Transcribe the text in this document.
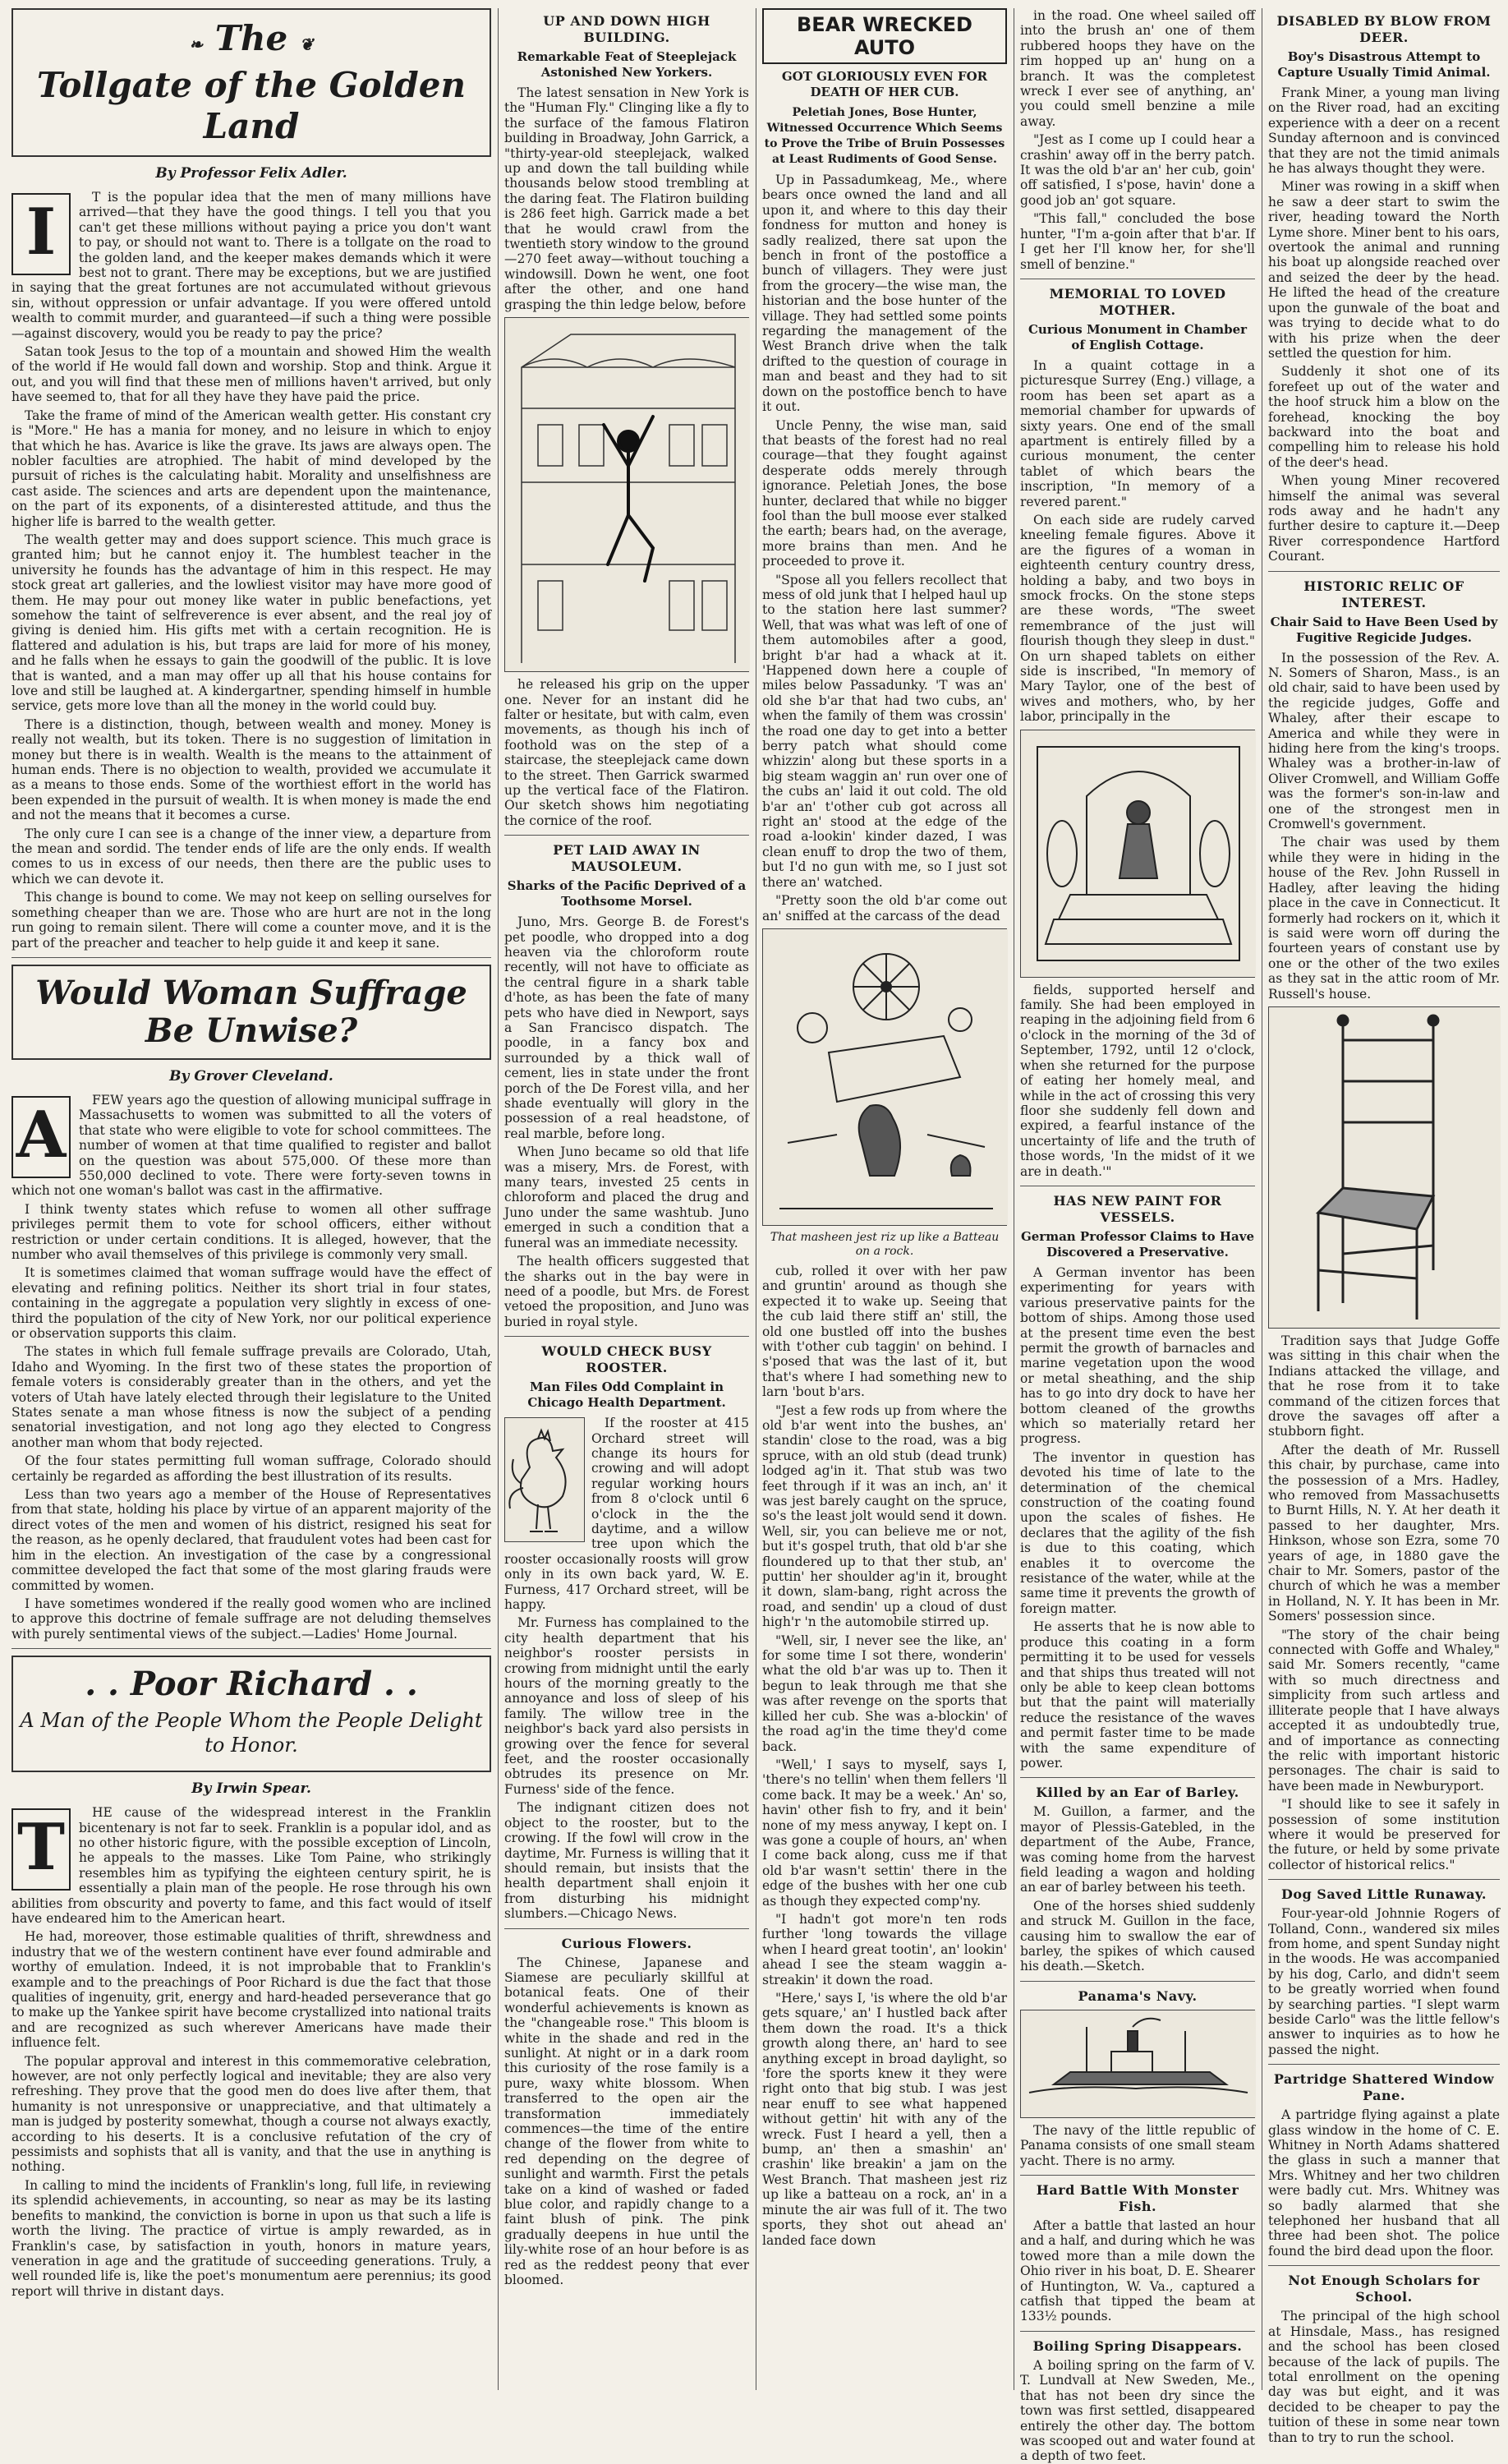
❧ The ❦
Tollgate of the Golden Land
By Professor Felix Adler.
I	T is the popular idea that the men of many millions have arrived—that they have the good things. I tell you that you can't get these millions without paying a price you don't want to pay, or should not want to. There is a tollgate on the road to the golden land, and the keeper makes demands which it were best not to grant. There may be exceptions, but we are justified in saying that the great fortunes are not accumulated without grievous sin, without oppression or unfair advantage. If you were offered untold wealth to commit murder, and guaranteed—if such a thing were possible—against discovery, would you be ready to pay the price?

Satan took Jesus to the top of a mountain and showed Him the wealth of the world if He would fall down and worship. Stop and think. Argue it out, and you will find that these men of millions haven't arrived, but only have seemed to, that for all they have they have paid the price.

Take the frame of mind of the American wealth getter. His constant cry is "More." He has a mania for money, and no leisure in which to enjoy that which he has. Avarice is like the grave. Its jaws are always open. The nobler faculties are atrophied. The habit of mind developed by the pursuit of riches is the calculating habit. Morality and unselfishness are cast aside. The sciences and arts are dependent upon the maintenance, on the part of its exponents, of a disinterested attitude, and thus the higher life is barred to the wealth getter.

The wealth getter may and does support science. This much grace is granted him; but he cannot enjoy it. The humblest teacher in the university he founds has the advantage of him in this respect. He may stock great art galleries, and the lowliest visitor may have more good of them. He may pour out money like water in public benefactions, yet somehow the taint of selfreverence is ever absent, and the real joy of giving is denied him. His gifts met with a certain recognition. He is flattered and adulation is his, but traps are laid for more of his money, and he falls when he essays to gain the goodwill of the public. It is love that is wanted, and a man may offer up all that his house contains for love and still be laughed at. A kindergartner, spending himself in humble service, gets more love than all the money in the world could buy.

There is a distinction, though, between wealth and money. Money is really not wealth, but its token. There is no suggestion of limitation in money but there is in wealth. Wealth is the means to the attainment of human ends. There is no objection to wealth, provided we accumulate it as a means to those ends. Some of the worthiest effort in the world has been expended in the pursuit of wealth. It is when money is made the end and not the means that it becomes a curse.

The only cure I can see is a change of the inner view, a departure from the mean and sordid. The tender ends of life are the only ends. If wealth comes to us in excess of our needs, then there are the public uses to which we can devote it.

This change is bound to come. We may not keep on selling ourselves for something cheaper than we are. Those who are hurt are not in the long run going to remain silent. There will come a counter move, and it is the part of the preacher and teacher to help guide it and keep it sane.

Would Woman Suffrage Be Unwise?
By Grover Cleveland.
A	FEW years ago the question of allowing municipal suffrage in Massachusetts to women was submitted to all the voters of that state who were eligible to vote for school committees. The number of women at that time qualified to register and ballot on the question was about 575,000. Of these more than 550,000 declined to vote. There were forty-seven towns in which not one woman's ballot was cast in the affirmative.

I think twenty states which refuse to women all other suffrage privileges permit them to vote for school officers, either without restriction or under certain conditions. It is alleged, however, that the number who avail themselves of this privilege is commonly very small.

It is sometimes claimed that woman suffrage would have the effect of elevating and refining politics. Neither its short trial in four states, containing in the aggregate a population very slightly in excess of one-third the population of the city of New York, nor our political experience or observation supports this claim.

The states in which full female suffrage prevails are Colorado, Utah, Idaho and Wyoming. In the first two of these states the proportion of female voters is considerably greater than in the others, and yet the voters of Utah have lately elected through their legislature to the United States senate a man whose fitness is now the subject of a pending senatorial investigation, and not long ago they elected to Congress another man whom that body rejected.

Of the four states permitting full woman suffrage, Colorado should certainly be regarded as affording the best illustration of its results.

Less than two years ago a member of the House of Representatives from that state, holding his place by virtue of an apparent majority of the direct votes of the men and women of his district, resigned his seat for the reason, as he openly declared, that fraudulent votes had been cast for him in the election. An investigation of the case by a congressional committee developed the fact that some of the most glaring frauds were committed by women.

I have sometimes wondered if the really good women who are inclined to approve this doctrine of female suffrage are not deluding themselves with purely sentimental views of the subject.—Ladies' Home Journal.

. . Poor Richard . .
A Man of the People Whom the People Delight to Honor.
By Irwin Spear.
T	HE cause of the widespread interest in the Franklin bicentenary is not far to seek. Franklin is a popular idol, and as no other historic figure, with the possible exception of Lincoln, he appeals to the masses. Like Tom Paine, who strikingly resembles him as typifying the eighteen century spirit, he is essentially a plain man of the people. He rose through his own abilities from obscurity and poverty to fame, and this fact would of itself have endeared him to the American heart.

He had, moreover, those estimable qualities of thrift, shrewdness and industry that we of the western continent have ever found admirable and worthy of emulation. Indeed, it is not improbable that to Franklin's example and to the preachings of Poor Richard is due the fact that those qualities of ingenuity, grit, energy and hard-headed perseverance that go to make up the Yankee spirit have become crystallized into national traits and are recognized as such wherever Americans have made their influence felt.

The popular approval and interest in this commemorative celebration, however, are not only perfectly logical and inevitable; they are also very refreshing. They prove that the good men do does live after them, that humanity is not unresponsive or unappreciative, and that ultimately a man is judged by posterity somewhat, though a course not always exactly, according to his deserts. It is a conclusive refutation of the cry of pessimists and sophists that all is vanity, and that the use in anything is nothing.

In calling to mind the incidents of Franklin's long, full life, in reviewing its splendid achievements, in accounting, so near as may be its lasting benefits to mankind, the conviction is borne in upon us that such a life is worth the living. The practice of virtue is amply rewarded, as in Franklin's case, by satisfaction in youth, honors in mature years, veneration in age and the gratitude of succeeding generations. Truly, a well rounded life is, like the poet's monumentum aere perennius; its good report will thrive in distant days.

UP AND DOWN HIGH BUILDING.
Remarkable Feat of Steeplejack Astonished New Yorkers.

The latest sensation in New York is the "Human Fly." Clinging like a fly to the surface of the famous Flatiron building in Broadway, John Garrick, a "thirty-year-old steeplejack, walked up and down the tall building while thousands below stood trembling at the daring feat. The Flatiron building is 286 feet high. Garrick made a bet that he would crawl from the twentieth story window to the ground—270 feet away—without touching a windowsill. Down he went, one foot after the other, and one hand grasping the thin ledge below, before

he released his grip on the upper one. Never for an instant did he falter or hesitate, but with calm, even movements, as though his inch of foothold was on the step of a staircase, the steeplejack came down to the street. Then Garrick swarmed up the vertical face of the Flatiron. Our sketch shows him negotiating the cornice of the roof.

PET LAID AWAY IN MAUSOLEUM.
Sharks of the Pacific Deprived of a Toothsome Morsel.

Juno, Mrs. George B. de Forest's pet poodle, who dropped into a dog heaven via the chloroform route recently, will not have to officiate as the central figure in a shark table d'hote, as has been the fate of many pets who have died in Newport, says a San Francisco dispatch. The poodle, in a fancy box and surrounded by a thick wall of cement, lies in state under the front porch of the De Forest villa, and her shade eventually will glory in the possession of a real headstone, of real marble, before long.

When Juno became so old that life was a misery, Mrs. de Forest, with many tears, invested 25 cents in chloroform and placed the drug and Juno under the same washtub. Juno emerged in such a condition that a funeral was an immediate necessity.

The health officers suggested that the sharks out in the bay were in need of a poodle, but Mrs. de Forest vetoed the proposition, and Juno was buried in royal style.

WOULD CHECK BUSY ROOSTER.
Man Files Odd Complaint in Chicago Health Department.

If the rooster at 415 Orchard street will change its hours for crowing and will adopt regular working hours from 8 o'clock until 6 o'clock in the the daytime, and a willow tree upon which the rooster occasionally roosts will grow only in its own back yard, W. E. Furness, 417 Orchard street, will be happy.

Mr. Furness has complained to the city health department that his neighbor's rooster persists in crowing from midnight until the early hours of the morning greatly to the annoyance and loss of sleep of his family. The willow tree in the neighbor's back yard also persists in growing over the fence for several feet, and the rooster occasionally obtrudes its presence on Mr. Furness' side of the fence.

The indignant citizen does not object to the rooster, but to the crowing. If the fowl will crow in the daytime, Mr. Furness is willing that it should remain, but insists that the health department shall enjoin it from disturbing his midnight slumbers.—Chicago News.

Curious Flowers.

The Chinese, Japanese and Siamese are peculiarly skillful at botanical feats. One of their wonderful achievements is known as the "changeable rose." This bloom is white in the shade and red in the sunlight. At night or in a dark room this curiosity of the rose family is a pure, waxy white blossom. When transferred to the open air the transformation immediately commences—the time of the entire change of the flower from white to red depending on the degree of sunlight and warmth. First the petals take on a kind of washed or faded blue color, and rapidly change to a faint blush of pink. The pink gradually deepens in hue until the lily-white rose of an hour before is as red as the reddest peony that ever bloomed.

BEAR WRECKED AUTO
GOT GLORIOUSLY EVEN FOR DEATH OF HER CUB.
Peletiah Jones, Bose Hunter, Witnessed Occurrence Which Seems to Prove the Tribe of Bruin Possesses at Least Rudiments of Good Sense.

Up in Passadumkeag, Me., where bears once owned the land and all upon it, and where to this day their fondness for mutton and honey is sadly realized, there sat upon the bench in front of the postoffice a bunch of villagers. They were just from the grocery—the wise man, the historian and the bose hunter of the village. They had settled some points regarding the management of the West Branch drive when the talk drifted to the question of courage in man and beast and they had to sit down on the postoffice bench to have it out.

Uncle Penny, the wise man, said that beasts of the forest had no real courage—that they fought against desperate odds merely through ignorance. Peletiah Jones, the bose hunter, declared that while no bigger fool than the bull moose ever stalked the earth; bears had, on the average, more brains than men. And he proceeded to prove it.

"Spose all you fellers recollect that mess of old junk that I helped haul up to the station here last summer? Well, that was what was left of one of them automobiles after a good, bright b'ar had a whack at it. 'Happened down here a couple of miles below Passadunky. 'T was an' old she b'ar that had two cubs, an' when the family of them was crossin' the road one day to get into a better berry patch what should come whizzin' along but these sports in a big steam waggin an' run over one of the cubs an' laid it out cold. The old b'ar an' t'other cub got across all right an' stood at the edge of the road a-lookin' kinder dazed, I was clean enuff to drop the two of them, but I'd no gun with me, so I just sot there an' watched.

"Pretty soon the old b'ar come out an' sniffed at the carcass of the dead

That masheen jest riz up like a Batteau on a rock.

cub, rolled it over with her paw and gruntin' around as though she expected it to wake up. Seeing that the cub laid there stiff an' still, the old one bustled off into the bushes with t'other cub taggin' on behind. I s'posed that was the last of it, but that's where I had something new to larn 'bout b'ars.

"Jest a few rods up from where the old b'ar went into the bushes, an' standin' close to the road, was a big spruce, with an old stub (dead trunk) lodged ag'in it. That stub was two feet through if it was an inch, an' it was jest barely caught on the spruce, so's the least jolt would send it down. Well, sir, you can believe me or not, but it's gospel truth, that old b'ar she floundered up to that ther stub, an' puttin' her shoulder ag'in it, brought it down, slam-bang, right across the road, and sendin' up a cloud of dust high'r 'n the automobile stirred up.

"Well, sir, I never see the like, an' for some time I sot there, wonderin' what the old b'ar was up to. Then it begun to leak through me that she was after revenge on the sports that killed her cub. She was a-blockin' of the road ag'in the time they'd come back.

"Well,' I says to myself, says I, 'there's no tellin' when them fellers 'll come back. It may be a week.' An' so, havin' other fish to fry, and it bein' none of my mess anyway, I kept on. I was gone a couple of hours, an' when I come back along, cuss me if that old b'ar wasn't settin' there in the edge of the bushes with her one cub as though they expected comp'ny.

"I hadn't got more'n ten rods further 'long towards the village when I heard great tootin', an' lookin' ahead I see the steam waggin a-streakin' it down the road.

"Here,' says I, 'is where the old b'ar gets square,' an' I hustled back after them down the road. It's a thick growth along there, an' hard to see anything except in broad daylight, so 'fore the sports knew it they were right onto that big stub. I was jest near enuff to see what happened without gettin' hit with any of the wreck. Fust I heard a yell, then a bump, an' then a smashin' an' crashin' like breakin' a jam on the West Branch. That masheen jest riz up like a batteau on a rock, an' in a minute the air was full of it. The two sports, they shot out ahead an' landed face down

in the road. One wheel sailed off into the brush an' one of them rubbered hoops they have on the rim hopped up an' hung on a branch. It was the completest wreck I ever see of anything, an' you could smell benzine a mile away.

"Jest as I come up I could hear a crashin' away off in the berry patch. It was the old b'ar an' her cub, goin' off satisfied, I s'pose, havin' done a good job an' got square.

"This fall," concluded the bose hunter, "I'm a-goin after that b'ar. If I get her I'll know her, for she'll smell of benzine."

MEMORIAL TO LOVED MOTHER.
Curious Monument in Chamber of English Cottage.

In a quaint cottage in a picturesque Surrey (Eng.) village, a room has been set apart as a memorial chamber for upwards of sixty years. One end of the small apartment is entirely filled by a curious monument, the center tablet of which bears the inscription, "In memory of a revered parent."

On each side are rudely carved kneeling female figures. Above it are the figures of a woman in eighteenth century country dress, holding a baby, and two boys in smock frocks. On the stone steps are these words, "The sweet remembrance of the just will flourish though they sleep in dust." On urn shaped tablets on either side is inscribed, "In memory of Mary Taylor, one of the best of wives and mothers, who, by her labor, principally in the

fields, supported herself and family. She had been employed in reaping in the adjoining field from 6 o'clock in the morning of the 3d of September, 1792, until 12 o'clock, when she returned for the purpose of eating her homely meal, and while in the act of crossing this very floor she suddenly fell down and expired, a fearful instance of the uncertainty of life and the truth of those words, 'In the midst of it we are in death.'"

HAS NEW PAINT FOR VESSELS.
German Professor Claims to Have Discovered a Preservative.

A German inventor has been experimenting for years with various preservative paints for the bottom of ships. Among those used at the present time even the best permit the growth of barnacles and marine vegetation upon the wood or metal sheathing, and the ship has to go into dry dock to have her bottom cleaned of the growths which so materially retard her progress.

The inventor in question has devoted his time of late to the determination of the chemical construction of the coating found upon the scales of fishes. He declares that the agility of the fish is due to this coating, which enables it to overcome the resistance of the water, while at the same time it prevents the growth of foreign matter.

He asserts that he is now able to produce this coating in a form permitting it to be used for vessels and that ships thus treated will not only be able to keep clean bottoms but that the paint will materially reduce the resistance of the waves and permit faster time to be made with the same expenditure of power.

Killed by an Ear of Barley.

M. Guillon, a farmer, and the mayor of Plessis-Gatebled, in the department of the Aube, France, was coming home from the harvest field leading a wagon and holding an ear of barley between his teeth.

One of the horses shied suddenly and struck M. Guillon in the face, causing him to swallow the ear of barley, the spikes of which caused his death.—Sketch.

Panama's Navy.

The navy of the little republic of Panama consists of one small steam yacht. There is no army.

Hard Battle With Monster Fish.

After a battle that lasted an hour and a half, and during which he was towed more than a mile down the Ohio river in his boat, D. E. Shearer of Huntington, W. Va., captured a catfish that tipped the beam at 133½ pounds.

Boiling Spring Disappears.

A boiling spring on the farm of V. T. Lundvall at New Sweden, Me., that has not been dry since the town was first settled, disappeared entirely the other day. The bottom was scooped out and water found at a depth of two feet.

DISABLED BY BLOW FROM DEER.
Boy's Disastrous Attempt to Capture Usually Timid Animal.

Frank Miner, a young man living on the River road, had an exciting experience with a deer on a recent Sunday afternoon and is convinced that they are not the timid animals he has always thought they were.

Miner was rowing in a skiff when he saw a deer start to swim the river, heading toward the North Lyme shore. Miner bent to his oars, overtook the animal and running his boat up alongside reached over and seized the deer by the head. He lifted the head of the creature upon the gunwale of the boat and was trying to decide what to do with his prize when the deer settled the question for him.

Suddenly it shot one of its forefeet up out of the water and the hoof struck him a blow on the forehead, knocking the boy backward into the boat and compelling him to release his hold of the deer's head.

When young Miner recovered himself the animal was several rods away and he hadn't any further desire to capture it.—Deep River correspondence Hartford Courant.

HISTORIC RELIC OF INTEREST.
Chair Said to Have Been Used by Fugitive Regicide Judges.

In the possession of the Rev. A. N. Somers of Sharon, Mass., is an old chair, said to have been used by the regicide judges, Goffe and Whaley, after their escape to America and while they were in hiding here from the king's troops. Whaley was a brother-in-law of Oliver Cromwell, and William Goffe was the former's son-in-law and one of the strongest men in Cromwell's government.

The chair was used by them while they were in hiding in the house of the Rev. John Russell in Hadley, after leaving the hiding place in the cave in Connecticut. It formerly had rockers on it, which it is said were worn off during the fourteen years of constant use by one or the other of the two exiles as they sat in the attic room of Mr. Russell's house.

Tradition says that Judge Goffe was sitting in this chair when the Indians attacked the village, and that he rose from it to take command of the citizen forces that drove the savages off after a stubborn fight.

After the death of Mr. Russell this chair, by purchase, came into the possession of a Mrs. Hadley, who removed from Massachusetts to Burnt Hills, N. Y. At her death it passed to her daughter, Mrs. Hinkson, whose son Ezra, some 70 years of age, in 1880 gave the chair to Mr. Somers, pastor of the church of which he was a member in Holland, N. Y. It has been in Mr. Somers' possession since.

"The story of the chair being connected with Goffe and Whaley," said Mr. Somers recently, "came with so much directness and simplicity from such artless and illiterate people that I have always accepted it as undoubtedly true, and of importance as connecting the relic with important historic personages. The chair is said to have been made in Newburyport.

"I should like to see it safely in possession of some institution where it would be preserved for the future, or held by some private collector of historical relics."

Dog Saved Little Runaway.

Four-year-old Johnnie Rogers of Tolland, Conn., wandered six miles from home, and spent Sunday night in the woods. He was accompanied by his dog, Carlo, and didn't seem to be greatly worried when found by searching parties. "I slept warm beside Carlo" was the little fellow's answer to inquiries as to how he passed the night.

Partridge Shattered Window Pane.

A partridge flying against a plate glass window in the home of C. E. Whitney in North Adams shattered the glass in such a manner that Mrs. Whitney and her two children were badly cut. Mrs. Whitney was so badly alarmed that she telephoned her husband that all three had been shot. The police found the bird dead upon the floor.

Not Enough Scholars for School.

The principal of the high school at Hinsdale, Mass., has resigned and the school has been closed because of the lack of pupils. The total enrollment on the opening day was but eight, and it was decided to be cheaper to pay the tuition of these in some near town than to try to run the school.
